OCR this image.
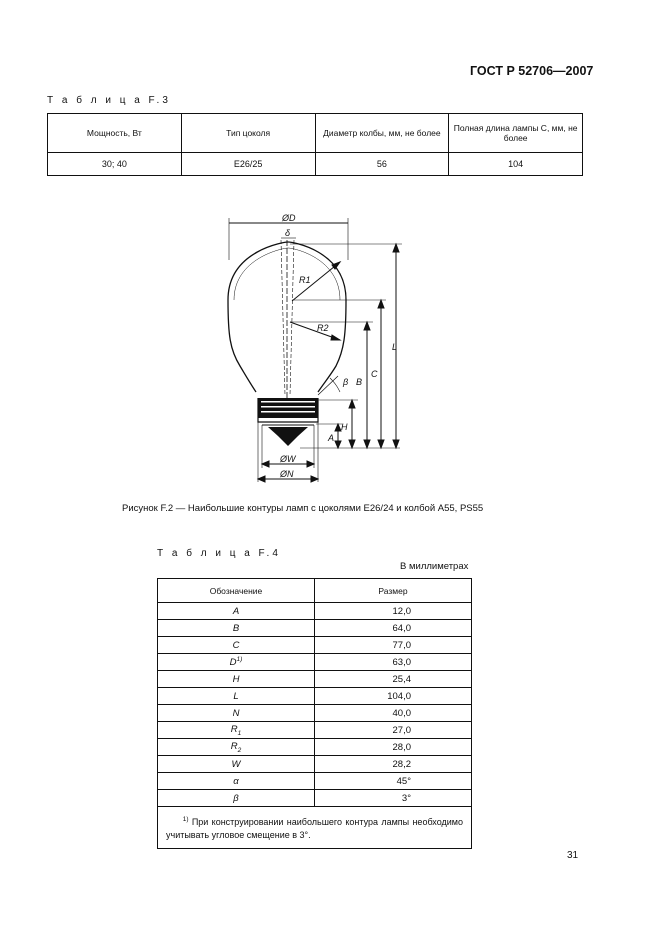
ГОСТ Р 52706—2007
Т а б л и ц а F.3
Мощность, Вт	Тип цоколя	Диаметр колбы, мм, не более	Полная длина лампы C, мм, не более
30; 40	E26/25	56	104
ØD
δ
R1
R2
L
C
B
β
H
A
ØW
ØN
Рисунок F.2 — Наибольшие контуры ламп с цоколями E26/24 и колбой A55, PS55
Т а б л и ц а F.4
В миллиметрах
Обозначение	Размер
A	12,0
B	64,0
C	77,0
$D^{1)}$	63,0
H	25,4
L	104,0
N	40,0
$R_1$	27,0
$R_2$	28,0
W	28,2
α	45°
β	3°
$^{1)}$ При конструировании наибольшего контура лампы необходимо учитывать угловое смещение в 3°.	
31
